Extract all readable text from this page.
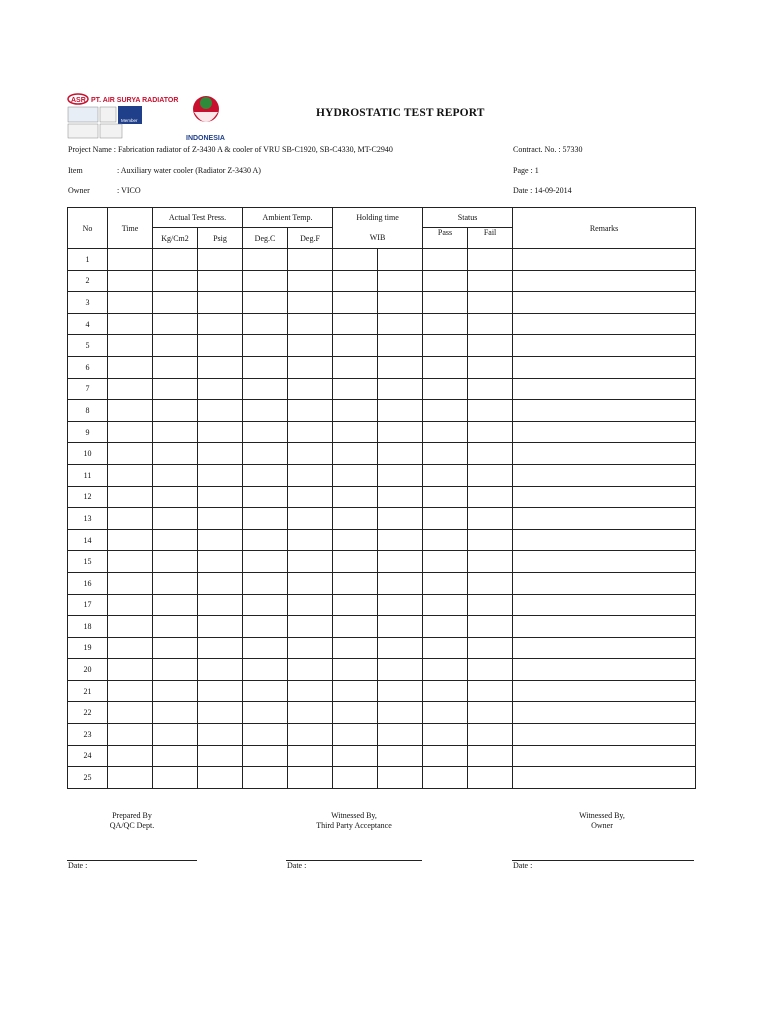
ASR PT. AIR SURYA RADIATOR
Member
INDONESIA
HYDROSTATIC TEST REPORT
Project Name : Fabrication radiator of Z-3430 A & cooler of VRU SB-C1920, SB-C4330, MT-C2940
Item	: Auxiliary water cooler (Radiator Z-3430 A)
Owner	: VICO
Contract. No. : 57330
Page : 1
Date : 14-09-2014
No	Time	Actual Test Press.		Ambient Temp.		Holding time		Status		Remarks
		Kg/Cm2	Psig	Deg.C	Deg.F	WIB		Pass	Fail	
1										
2										
3										
4										
5										
6										
7										
8										
9										
10										
11										
12										
13										
14										
15										
16										
17										
18										
19										
20										
21										
22										
23										
24										
25										
Prepared By
QA/QC Dept.
Witnessed By,
Third Party Acceptance
Witnessed By,
Owner
Date :	Date :	Date :
